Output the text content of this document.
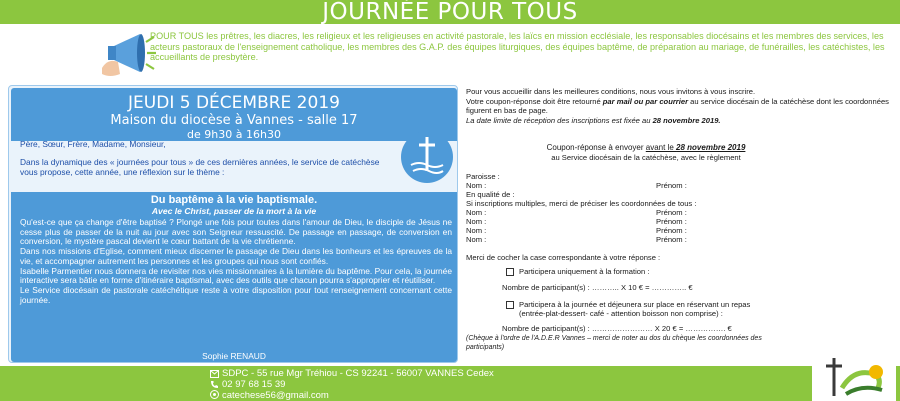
JOURNÉE POUR TOUS
POUR TOUS les prêtres, les diacres, les religieux et les religieuses en activité pastorale, les laïcs en mission ecclésiale, les responsables diocésains et les membres des services, les acteurs pastoraux de l'enseignement catholique, les membres des G.A.P. des équipes liturgiques, des équipes baptême, de préparation au mariage, de funérailles, les catéchistes, les accueillants de presbytère.
JEUDI 5 DÉCEMBRE 2019
Maison du diocèse à Vannes - salle 17
de 9h30 à 16h30
Père, Sœur, Frère, Madame, Monsieur,
Dans la dynamique des « journées pour tous » de ces dernières années, le service de catéchèse vous propose, cette année, une réflexion sur le thème :
Du baptême à la vie baptismale.
Avec le Christ, passer de la mort à la vie
Qu'est-ce que ça change d'être baptisé ? Plongé une fois pour toutes dans l'amour de Dieu, le disciple de Jésus ne cesse plus de passer de la nuit au jour avec son Seigneur ressuscité. De passage en passage, de conversion en conversion, le mystère pascal devient le cœur battant de la vie chrétienne.
Dans nos missions d'Eglise, comment mieux discerner le passage de Dieu dans les bonheurs et les épreuves de la vie, et accompagner autrement les personnes et les groupes qui nous sont confiés.
Isabelle Parmentier nous donnera de revisiter nos vies missionnaires à la lumière du baptême. Pour cela, la journée interactive sera bâtie en forme d'itinéraire baptismal, avec des outils que chacun pourra s'approprier et réutiliser.
Le Service diocésain de pastorale catéchétique reste à votre disposition pour tout renseignement concernant cette journée.
Sophie RENAUD

Pour vous accueillir dans les meilleures conditions, nous vous invitons à vous inscrire.

Votre coupon-réponse doit être retourné par mail ou par courrier au service diocésain de la catéchèse dont les coordonnées figurent en bas de page.

La date limite de réception des inscriptions est fixée au 28 novembre 2019.

Coupon-réponse à envoyer avant le 28 novembre 2019
au Service diocésain de la catéchèse, avec le règlement
Paroisse :
Nom :	Prénom :
En qualité de :
Si inscriptions multiples, merci de préciser les coordonnées de tous :
Nom :	Prénom :
Nom :	Prénom :
Nom :	Prénom :
Nom :	Prénom :
Merci de cocher la case correspondante à votre réponse :
Participera uniquement à la formation :
Nombre de participant(s) : ……….. X 10 € = ………….. €
Participera à la journée et déjeunera sur place en réservant un repas
(entrée-plat-dessert- café - attention boisson non comprise) :
Nombre de participant(s) : …………………… X 20 € = ……………. €
(Chèque à l'ordre de l'A.D.E.R Vannes – merci de noter au dos du chèque les coordonnées des
participants)
SDPC - 55 rue Mgr Tréhiou - CS 92241 - 56007 VANNES Cedex
02 97 68 15 39
catechese56@gmail.com
